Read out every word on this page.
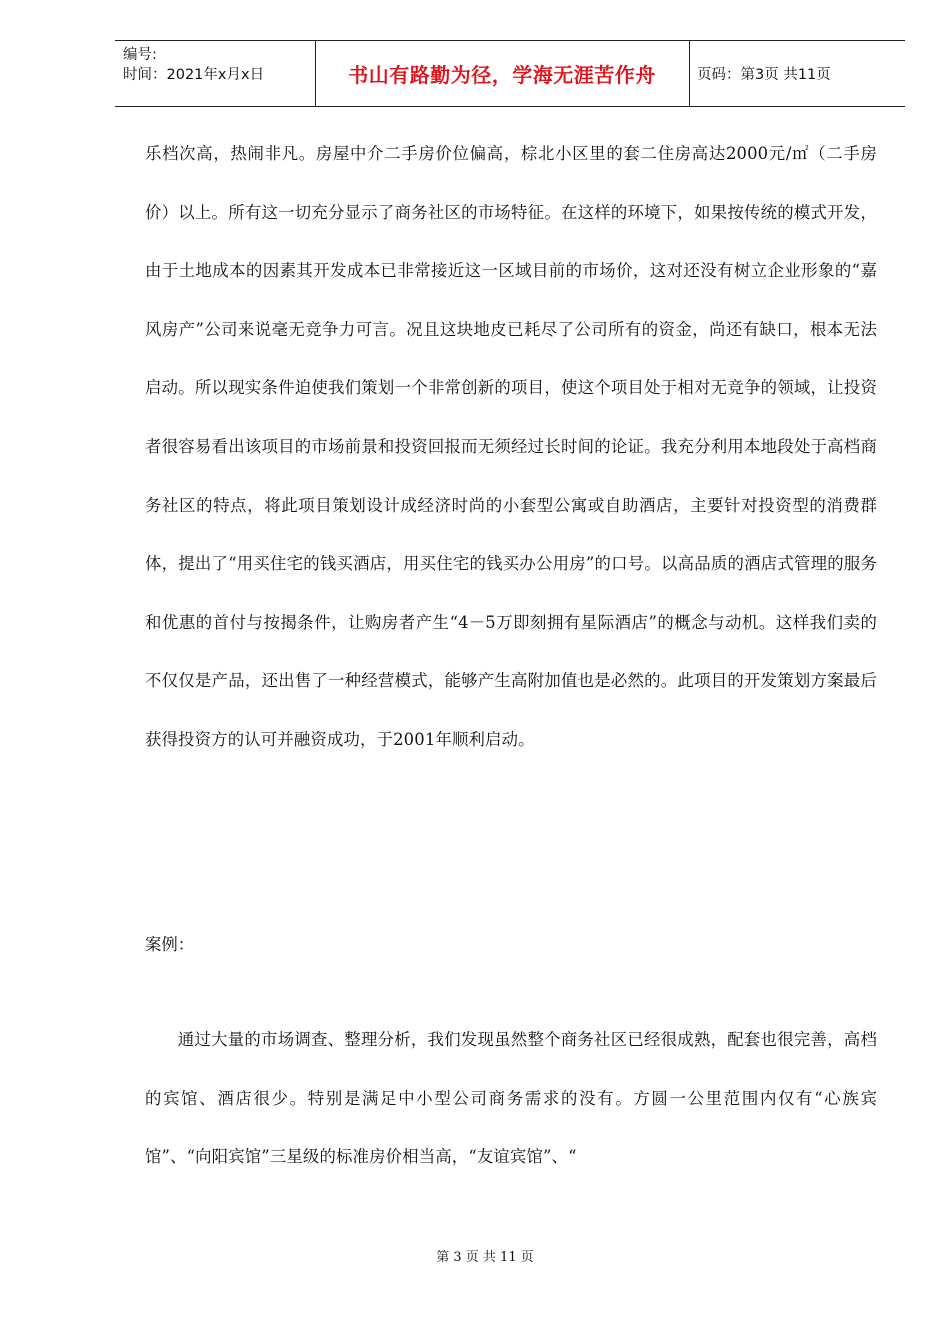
编号:
时间：2021年x月x日	书山有路勤为径，学海无涯苦作舟	页码：第3页 共11页

乐档次高，热闹非凡。房屋中介二手房价位偏高，棕北小区里的套二住房高达2000元/㎡（二手房价）以上。所有这一切充分显示了商务社区的市场特征。在这样的环境下，如果按传统的模式开发，由于土地成本的因素其开发成本已非常接近这一区域目前的市场价，这对还没有树立企业形象的“嘉风房产”公司来说毫无竞争力可言。况且这块地皮已耗尽了公司所有的资金，尚还有缺口，根本无法启动。所以现实条件迫使我们策划一个非常创新的项目，使这个项目处于相对无竞争的领域，让投资者很容易看出该项目的市场前景和投资回报而无须经过长时间的论证。我充分利用本地段处于高档商务社区的特点，将此项目策划设计成经济时尚的小套型公寓或自助酒店，主要针对投资型的消费群体，提出了“用买住宅的钱买酒店，用买住宅的钱买办公用房”的口号。以高品质的酒店式管理的服务和优惠的首付与按揭条件，让购房者产生“4－5万即刻拥有星际酒店”的概念与动机。这样我们卖的不仅仅是产品，还出售了一种经营模式，能够产生高附加值也是必然的。此项目的开发策划方案最后获得投资方的认可并融资成功，于2001年顺利启动。

案例：

通过大量的市场调查、整理分析，我们发现虽然整个商务社区已经很成熟，配套也很完善，高档的宾馆、酒店很少。特别是满足中小型公司商务需求的没有。方圆一公里范围内仅有“心族宾馆”、“向阳宾馆”三星级的标准房价相当高，“友谊宾馆”、“

第 3 页 共 11 页
